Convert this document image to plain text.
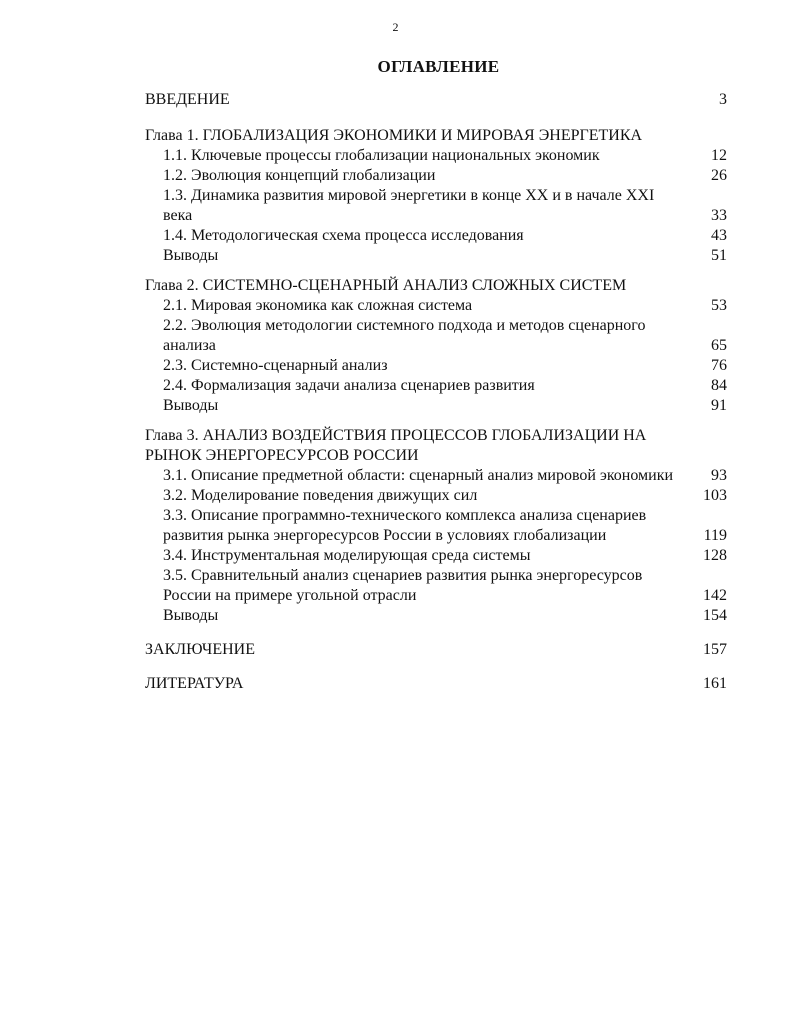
2
ОГЛАВЛЕНИЕ
ВВЕДЕНИЕ	3
Глава 1. ГЛОБАЛИЗАЦИЯ ЭКОНОМИКИ И МИРОВАЯ ЭНЕРГЕТИКА
1.1. Ключевые процессы глобализации национальных экономик	12
1.2. Эволюция концепций глобализации	26
1.3. Динамика развития мировой энергетики в конце XX и в начале XXI века	33
1.4. Методологическая схема процесса исследования	43
Выводы	51
Глава 2. СИСТЕМНО-СЦЕНАРНЫЙ АНАЛИЗ СЛОЖНЫХ СИСТЕМ
2.1. Мировая экономика как сложная система	53
2.2. Эволюция методологии системного подхода и методов сценарного анализа	65
2.3. Системно-сценарный анализ	76
2.4. Формализация задачи анализа сценариев развития	84
Выводы	91
Глава 3. АНАЛИЗ ВОЗДЕЙСТВИЯ ПРОЦЕССОВ ГЛОБАЛИЗАЦИИ НА РЫНОК ЭНЕРГОРЕСУРСОВ РОССИИ
3.1. Описание предметной области: сценарный анализ мировой экономики	93
3.2. Моделирование поведения движущих сил	103
3.3. Описание программно-технического комплекса анализа сценариев развития рынка энергоресурсов России в условиях глобализации	119
3.4. Инструментальная моделирующая среда системы	128
3.5. Сравнительный анализ сценариев развития рынка энергоресурсов России на примере угольной отрасли	142
Выводы	154
ЗАКЛЮЧЕНИЕ	157
ЛИТЕРАТУРА	161
